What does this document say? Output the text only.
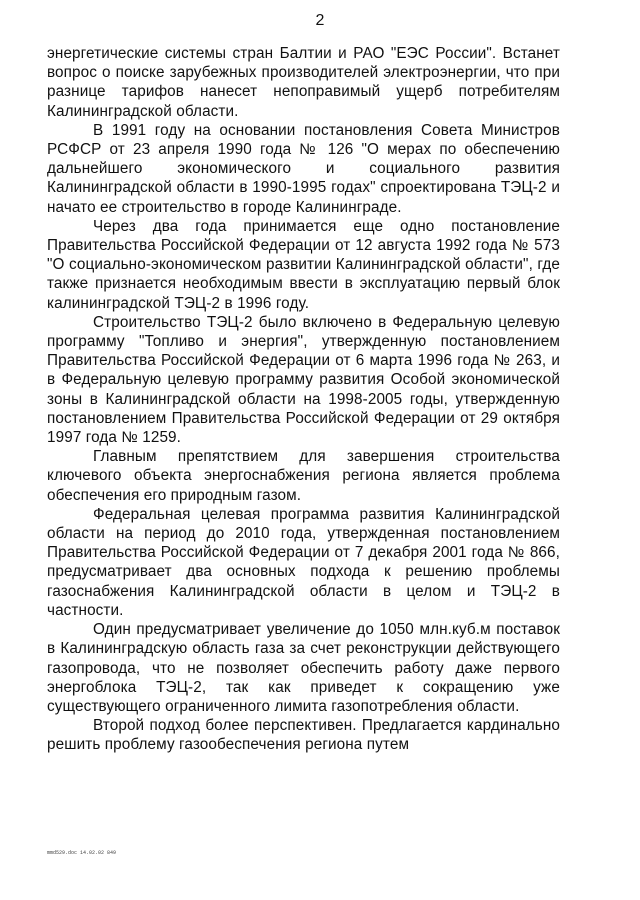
2

энергетические системы стран Балтии и РАО "ЕЭС России". Встанет вопрос о поиске зарубежных производителей электроэнергии, что при разнице тарифов нанесет непоправимый ущерб потребителям Калининградской области.

В 1991 году на основании постановления Совета Министров РСФСР от 23 апреля 1990 года № 126 "О мерах по обеспечению дальнейшего экономического и социального развития Калининградской области в 1990-1995 годах" спроектирована ТЭЦ-2 и начато ее строительство в городе Калининграде.

Через два года принимается еще одно постановление Правительства Российской Федерации от 12 августа 1992 года № 573 "О социально-экономическом развитии Калининградской области", где также признается необходимым ввести в эксплуатацию первый блок калининградской ТЭЦ-2 в 1996 году.

Строительство ТЭЦ-2 было включено в Федеральную целевую программу "Топливо и энергия", утвержденную постановлением Правительства Российской Федерации от 6 марта 1996 года № 263, и в Федеральную целевую программу развития Особой экономической зоны в Калининградской области на 1998-2005 годы, утвержденную постановлением Правительства Российской Федерации от 29 октября 1997 года № 1259.

Главным препятствием для завершения строительства ключевого объекта энергоснабжения региона является проблема обеспечения его природным газом.

Федеральная целевая программа развития Калининградской области на период до 2010 года, утвержденная постановлением Правительства Российской Федерации от 7 декабря 2001 года № 866, предусматривает два основных подхода к решению проблемы газоснабжения Калининградской области в целом и ТЭЦ-2 в частности.

Один предусматривает увеличение до 1050 млн.куб.м поставок в Калининградскую область газа за счет реконструкции действующего газопровода, что не позволяет обеспечить работу даже первого энергоблока ТЭЦ-2, так как приведет к сокращению уже существующего ограниченного лимита газопотребления области.

Второй подход более перспективен. Предлагается кардинально решить проблему газообеспечения региона путем

mmd529.doc 14.02.02 849
